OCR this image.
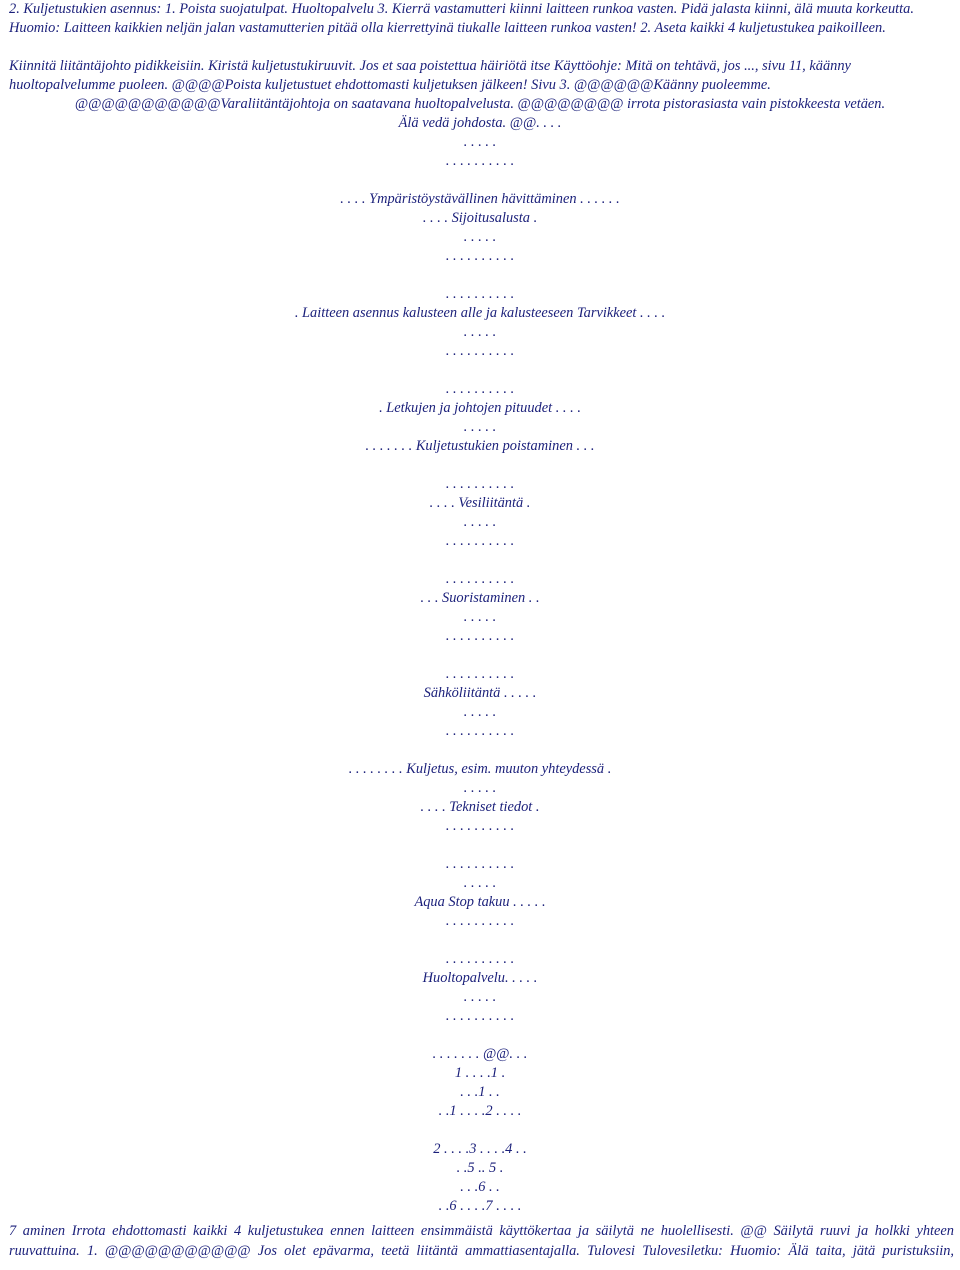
2. Kuljetustukien asennus: 1. Poista suojatulpat. Huoltopalvelu 3. Kierrä vastamutteri kiinni laitteen runkoa vasten. Pidä jalasta kiinni, älä muuta korkeutta.
Huomio: Laitteen kaikkien neljän jalan vastamutterien pitää olla kierrettyinä tiukalle laitteen runkoa vasten! 2. Aseta kaikki 4 kuljetustukea paikoilleen.
Kiinnitä liitäntäjohto pidikkeisiin. Kiristä kuljetustukiruuvit. Jos et saa poistettua häiriötä itse Käyttöohje: Mitä on tehtävä, jos ..., sivu 11, käänny
huoltopalvelumme puoleen. @@@@Poista kuljetustuet ehdottomasti kuljetuksen jälkeen! Sivu 3. @@@@@@Käänny puoleemme.
@@@@@@@@@@@Varaliitäntäjohtoja on saatavana huoltopalvelusta. @@@@@@@@ irrota pistorasiasta vain pistokkeesta vetäen.
Älä vedä johdosta. @@. . . .
. . . . .
. . . . . . . . . .
. . . . Ympäristöystävällinen hävittäminen . . . . . .
. . . . Sijoitusalusta .
. . . . .
. . . . . . . . . .
. . . . . . . . . .
. Laitteen asennus kalusteen alle ja kalusteeseen Tarvikkeet . . . .
. . . . .
. . . . . . . . . .
. . . . . . . . . .
. Letkujen ja johtojen pituudet . . . .
. . . . .
. . . . . . . Kuljetustukien poistaminen . . .
. . . . . . . . . .
. . . . Vesiliitäntä .
. . . . .
. . . . . . . . . .
. . . . . . . . . .
. . . Suoristaminen . .
. . . . .
. . . . . . . . . .
. . . . . . . . . .
Sähköliitäntä . . . . .
. . . . .
. . . . . . . . . .
. . . . . . . . Kuljetus, esim. muuton yhteydessä .
. . . . .
. . . . Tekniset tiedot .
. . . . . . . . . .
. . . . . . . . . .
. . . . .
Aqua Stop takuu . . . . .
. . . . . . . . . .
. . . . . . . . . .
Huoltopalvelu. . . . .
. . . . .
. . . . . . . . . .
. . . . . . . @@. . .
1 . . . .1 .
. . .1 . .
. .1 . . . .2 . . . .
2 . . . .3 . . . .4 . .
. .5 .. 5 .
. . .6 . .
. .6 . . . .7 . . . .
7 aminen Irrota ehdottomasti kaikki 4 kuljetustukea ennen laitteen ensimmäistä käyttökertaa ja säilytä ne huolellisesti. @@ Säilytä ruuvi ja holkki yhteen
ruuvattuina. 1. @@@@@@@@@@@ Jos olet epävarma, teetä liitäntä ammattiasentajalla. Tulovesi Tulovesiletku: Huomio: Älä taita, jätä puristuksiin,
